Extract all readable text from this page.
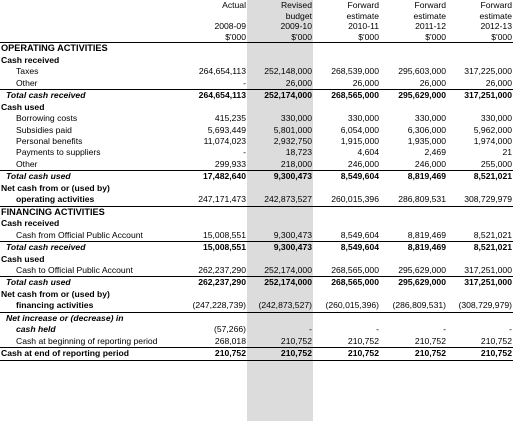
	Actual	Revised	Forward	Forward	Forward
		budget	estimate	estimate	estimate
	2008-09	2009-10	2010-11	2011-12	2012-13
	$'000	$'000	$'000	$'000	$'000
OPERATING ACTIVITIES					
Cash received					
Taxes	264,654,113	252,148,000	268,539,000	295,603,000	317,225,000
Other	-	26,000	26,000	26,000	26,000
Total cash received	264,654,113	252,174,000	268,565,000	295,629,000	317,251,000
Cash used					
Borrowing costs	415,235	330,000	330,000	330,000	330,000
Subsidies paid	5,693,449	5,801,000	6,054,000	6,306,000	5,962,000
Personal benefits	11,074,023	2,932,750	1,915,000	1,935,000	1,974,000
Payments to suppliers	-	18,723	4,604	2,469	21
Other	299,933	218,000	246,000	246,000	255,000
Total cash used	17,482,640	9,300,473	8,549,604	8,819,469	8,521,021
Net cash from or (used by)					
operating activities	247,171,473	242,873,527	260,015,396	286,809,531	308,729,979
FINANCING ACTIVITIES					
Cash received					
Cash from Official Public Account	15,008,551	9,300,473	8,549,604	8,819,469	8,521,021
Total cash received	15,008,551	9,300,473	8,549,604	8,819,469	8,521,021
Cash used					
Cash to Official Public Account	262,237,290	252,174,000	268,565,000	295,629,000	317,251,000
Total cash used	262,237,290	252,174,000	268,565,000	295,629,000	317,251,000
Net cash from or (used by)					
financing activities	(247,228,739)	(242,873,527)	(260,015,396)	(286,809,531)	(308,729,979)
Net increase or (decrease) in					
cash held	(57,266)	-	-	-	-
Cash at beginning of reporting period	268,018	210,752	210,752	210,752	210,752
Cash at end of reporting period	210,752	210,752	210,752	210,752	210,752
